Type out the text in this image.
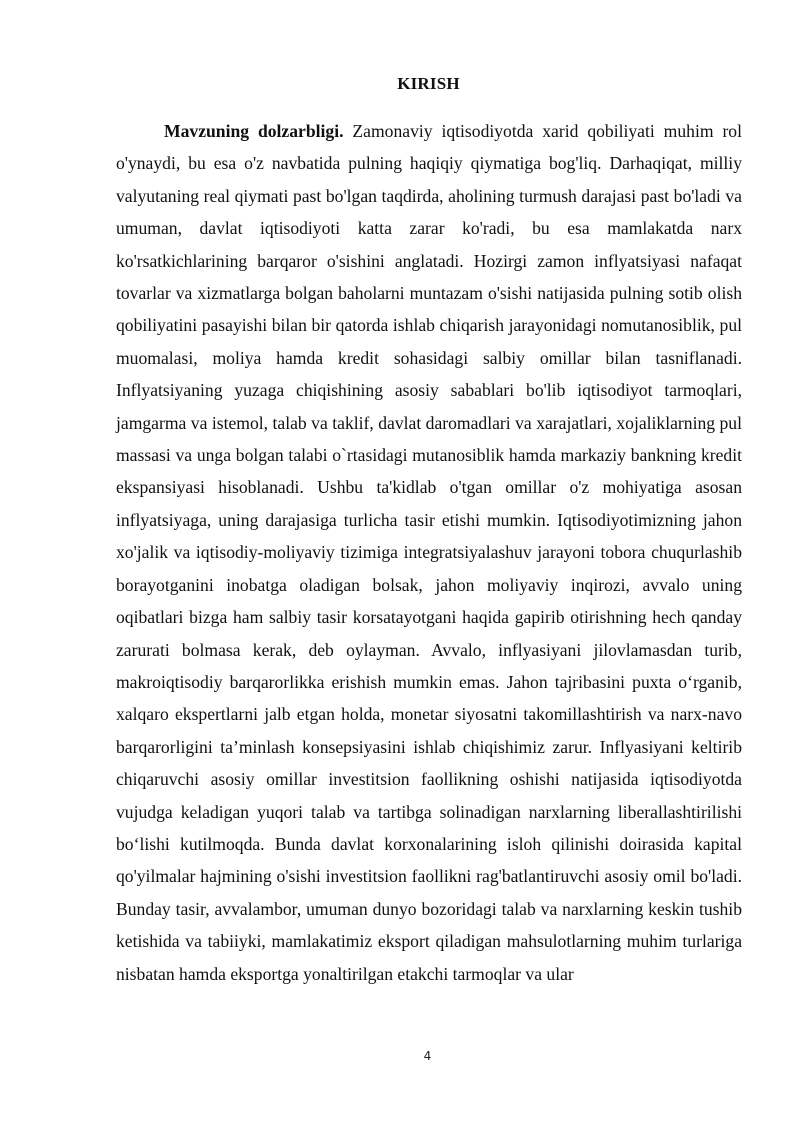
KIRISH

Mavzuning dolzarbligi. Zamonaviy iqtisodiyotda xarid qobiliyati muhim rol o'ynaydi, bu esa o'z navbatida pulning haqiqiy qiymatiga bog'liq. Darhaqiqat, milliy valyutaning real qiymati past bo'lgan taqdirda, aholining turmush darajasi past bo'ladi va umuman, davlat iqtisodiyoti katta zarar ko'radi, bu esa mamlakatda narx ko'rsatkichlarining barqaror o'sishini anglatadi. Hozirgi zamon inflyatsiyasi nafaqat tovarlar va xizmatlarga bolgan baholarni muntazam o'sishi natijasida pulning sotib olish qobiliyatini pasayishi bilan bir qatorda ishlab chiqarish jarayonidagi nomutanosiblik, pul muomalasi, moliya hamda kredit sohasidagi salbiy omillar bilan tasniflanadi. Inflyatsiyaning yuzaga chiqishining asosiy sabablari bo'lib iqtisodiyot tarmoqlari, jamgarma va istemol, talab va taklif, davlat daromadlari va xarajatlari, xojaliklarning pul massasi va unga bolgan talabi o`rtasidagi mutanosiblik hamda markaziy bankning kredit ekspansiyasi hisoblanadi. Ushbu ta'kidlab o'tgan omillar o'z mohiyatiga asosan inflyatsiyaga, uning darajasiga turlicha tasir etishi mumkin. Iqtisodiyotimizning jahon xo'jalik va iqtisodiy-moliyaviy tizimiga integratsiyalashuv jarayoni tobora chuqurlashib borayotganini inobatga oladigan bolsak, jahon moliyaviy inqirozi, avvalo uning oqibatlari bizga ham salbiy tasir korsatayotgani haqida gapirib otirishning hech qanday zarurati bolmasa kerak, deb oylayman. Avvalo, inflyasiyani jilovlamasdan turib, makroiqtisodiy barqarorlikka erishish mumkin emas. Jahon tajribasini puxta o‘rganib, xalqaro ekspertlarni jalb etgan holda, monetar siyosatni takomillashtirish va narx-navo barqarorligini ta’minlash konsepsiyasini ishlab chiqishimiz zarur. Inflyasiyani keltirib chiqaruvchi asosiy omillar investitsion faollikning oshishi natijasida iqtisodiyotda vujudga keladigan yuqori talab va tartibga solinadigan narxlarning liberallashtirilishi bo‘lishi kutilmoqda. Bunda davlat korxonalarining isloh qilinishi doirasida kapital qo'yilmalar hajmining o'sishi investitsion faollikni rag'batlantiruvchi asosiy omil bo'ladi. Bunday tasir, avvalambor, umuman dunyo bozoridagi talab va narxlarning keskin tushib ketishida va tabiiyki, mamlakatimiz eksport qiladigan mahsulotlarning muhim turlariga nisbatan hamda eksportga yonaltirilgan etakchi tarmoqlar va ular

4
